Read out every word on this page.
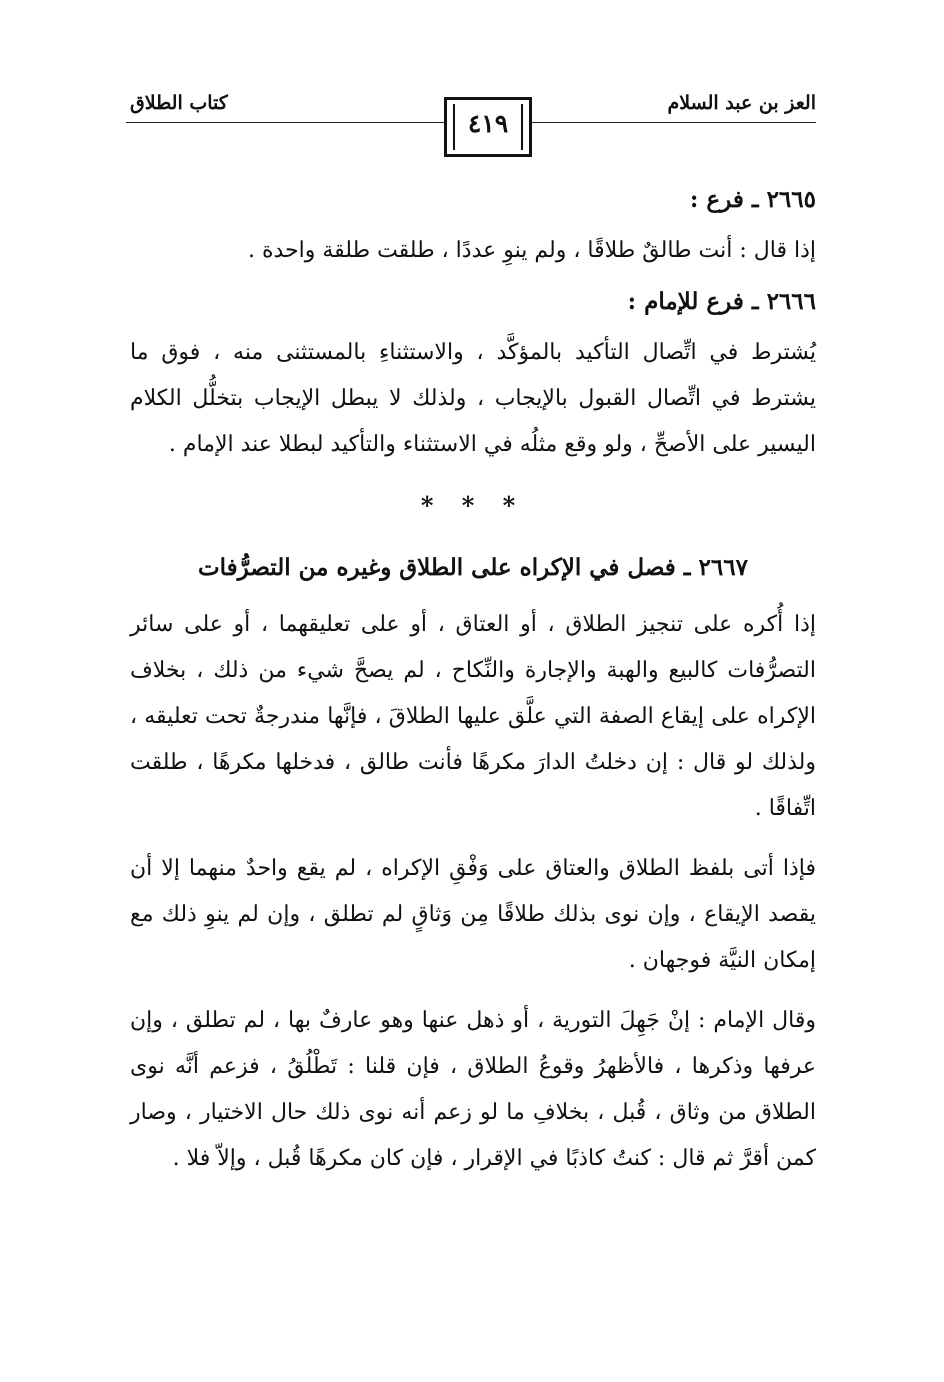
العز بن عبد السلام
كتاب الطلاق
٤١٩

٢٦٦٥ ـ فرع :

إذا قال : أنت طالقٌ طلاقًا ، ولم ينوِ عددًا ، طلقت طلقة واحدة .

٢٦٦٦ ـ فرع للإمام :

يُشترط في اتِّصال التأكيد بالمؤكَّد ، والاستثناءِ بالمستثنى منه ، فوق ما يشترط في اتِّصال القبول بالإيجاب ، ولذلك لا يبطل الإيجاب بتخلُّل الكلام اليسير على الأصحِّ ، ولو وقع مثلُه في الاستثناء والتأكيد لبطلا عند الإمام .

* * *

٢٦٦٧ ـ فصل في الإكراه على الطلاق وغيره من التصرُّفات

إذا أُكره على تنجيز الطلاق ، أو العتاق ، أو على تعليقهما ، أو على سائر التصرُّفات كالبيع والهبة والإجارة والنِّكاح ، لم يصحَّ شيء من ذلك ، بخلاف الإكراه على إيقاع الصفة التي علَّق عليها الطلاقَ ، فإنَّها مندرجةٌ تحت تعليقه ، ولذلك لو قال : إن دخلتُ الدارَ مكرهًا فأنت طالق ، فدخلها مكرهًا ، طلقت اتِّفاقًا .

فإذا أتى بلفظ الطلاق والعتاق على وَفْقِ الإكراه ، لم يقع واحدٌ منهما إلا أن يقصد الإيقاع ، وإن نوى بذلك طلاقًا مِن وَثاقٍ لم تطلق ، وإن لم ينوِ ذلك مع إمكان النيَّة فوجهان .

وقال الإمام : إنْ جَهِلَ التورية ، أو ذهل عنها وهو عارفٌ بها ، لم تطلق ، وإن عرفها وذكرها ، فالأظهرُ وقوعُ الطلاق ، فإن قلنا : تَطْلُقُ ، فزعم أنَّه نوى الطلاق من وثاق ، قُبل ، بخلافِ ما لو زعم أنه نوى ذلك حال الاختيار ، وصار كمن أقرَّ ثم قال : كنتُ كاذبًا في الإقرار ، فإن كان مكرهًا قُبل ، وإلاّ فلا .
